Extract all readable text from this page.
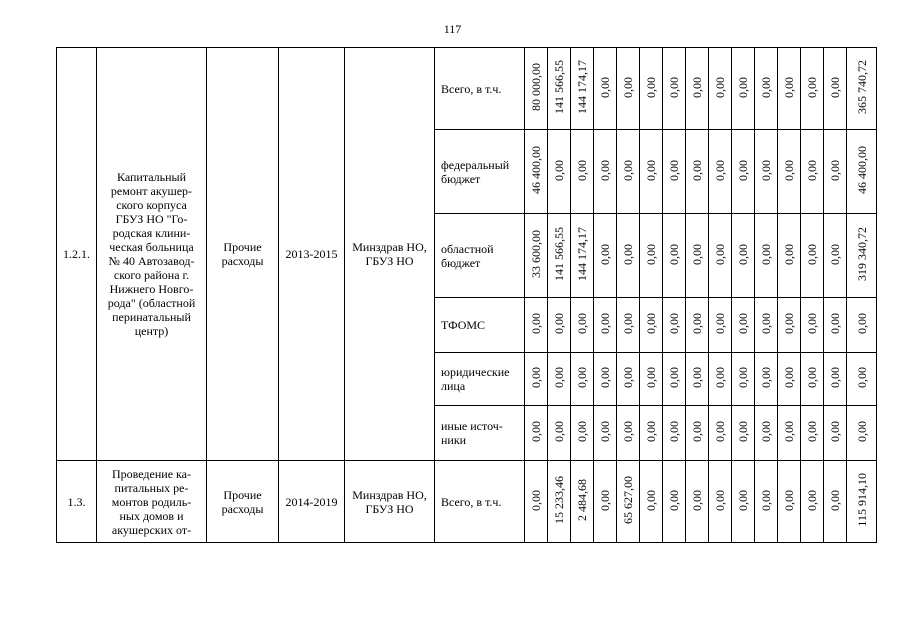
117
1.2.1.	Капитальный ремонт акушер-ского корпуса ГБУЗ НО "Го-родская клини-ческая больница № 40 Автозавод-ского района г. Нижнего Новго-рода" (областной перинатальный центр)	Прочие расходы	2013-2015	Минздрав НО, ГБУЗ НО	Всего, в т.ч.	80 000,00	141 566,55	144 174,17	0,00	0,00	0,00	0,00	0,00	0,00	0,00	0,00	0,00	0,00	0,00	365 740,72
					федеральный бюджет	46 400,00	0,00	0,00	0,00	0,00	0,00	0,00	0,00	0,00	0,00	0,00	0,00	0,00	0,00	46 400,00
					областной бюджет	33 600,00	141 566,55	144 174,17	0,00	0,00	0,00	0,00	0,00	0,00	0,00	0,00	0,00	0,00	0,00	319 340,72
					ТФОМС	0,00	0,00	0,00	0,00	0,00	0,00	0,00	0,00	0,00	0,00	0,00	0,00	0,00	0,00	0,00
					юридические лица	0,00	0,00	0,00	0,00	0,00	0,00	0,00	0,00	0,00	0,00	0,00	0,00	0,00	0,00	0,00
					иные источ-ники	0,00	0,00	0,00	0,00	0,00	0,00	0,00	0,00	0,00	0,00	0,00	0,00	0,00	0,00	0,00
1.3.	Проведение ка-питальных ре-монтов родиль-ных домов и акушерских от-	Прочие расходы	2014-2019	Минздрав НО, ГБУЗ НО	Всего, в т.ч.	0,00	15 233,46	2 484,68	0,00	65 627,00	0,00	0,00	0,00	0,00	0,00	0,00	0,00	0,00	0,00	115 914,10
